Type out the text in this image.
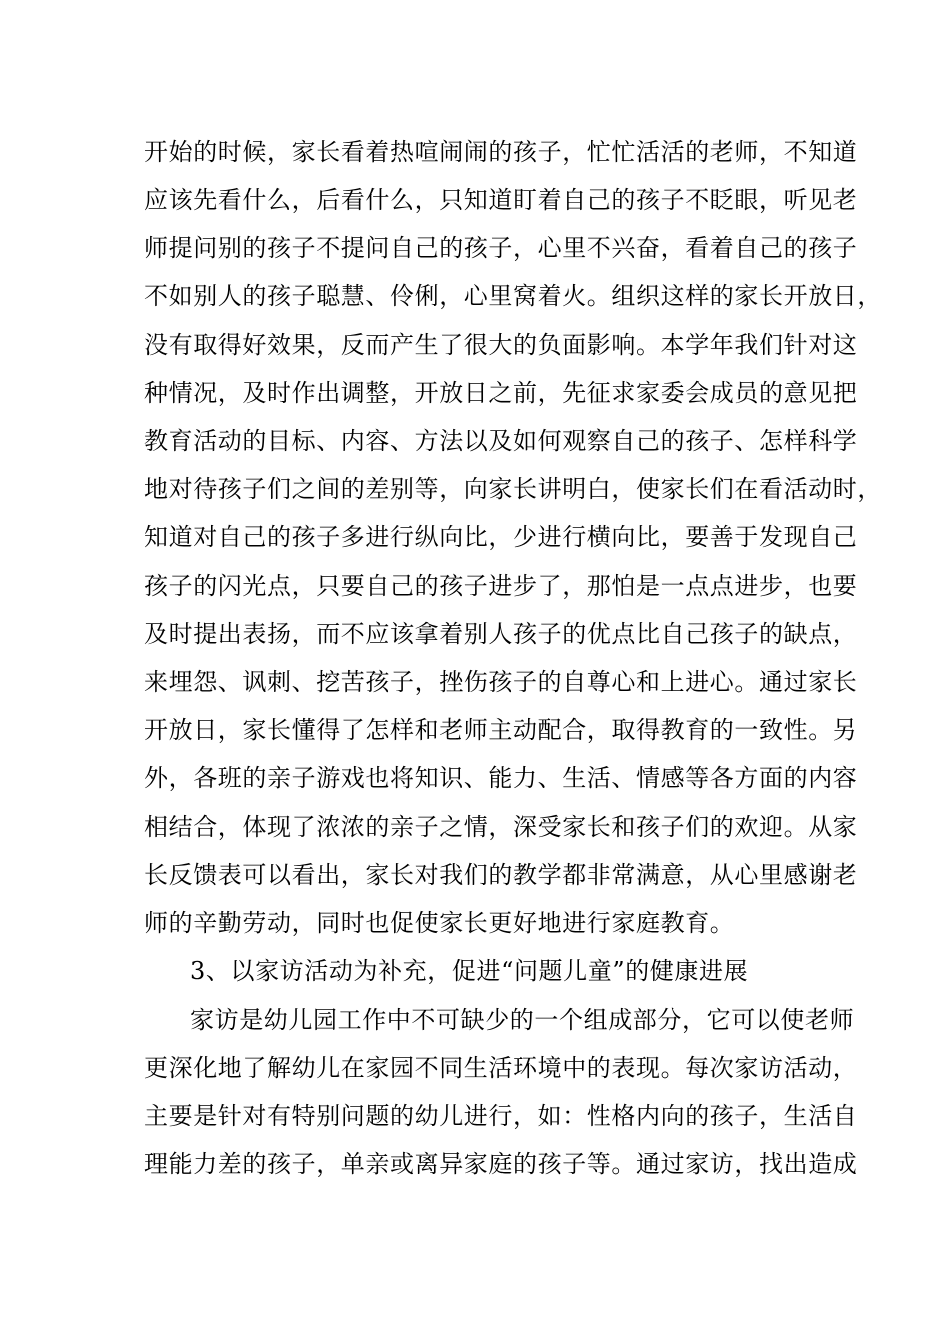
开始的时候，家长看着热喧闹闹的孩子，忙忙活活的老师，不知道
应该先看什么，后看什么，只知道盯着自己的孩子不眨眼，听见老
师提问别的孩子不提问自己的孩子，心里不兴奋，看着自己的孩子
不如别人的孩子聪慧、伶俐，心里窝着火。组织这样的家长开放日，
没有取得好效果，反而产生了很大的负面影响。本学年我们针对这
种情况，及时作出调整，开放日之前，先征求家委会成员的意见把
教育活动的目标、内容、方法以及如何观察自己的孩子、怎样科学
地对待孩子们之间的差别等，向家长讲明白，使家长们在看活动时，
知道对自己的孩子多进行纵向比，少进行横向比，要善于发现自己
孩子的闪光点，只要自己的孩子进步了，那怕是一点点进步，也要
及时提出表扬，而不应该拿着别人孩子的优点比自己孩子的缺点，
来埋怨、讽刺、挖苦孩子，挫伤孩子的自尊心和上进心。通过家长
开放日，家长懂得了怎样和老师主动配合，取得教育的一致性。另
外，各班的亲子游戏也将知识、能力、生活、情感等各方面的内容
相结合，体现了浓浓的亲子之情，深受家长和孩子们的欢迎。从家
长反馈表可以看出，家长对我们的教学都非常满意，从心里感谢老
师的辛勤劳动，同时也促使家长更好地进行家庭教育。
3、以家访活动为补充，促进“问题儿童”的健康进展
家访是幼儿园工作中不可缺少的一个组成部分，它可以使老师
更深化地了解幼儿在家园不同生活环境中的表现。每次家访活动，
主要是针对有特别问题的幼儿进行，如：性格内向的孩子，生活自
理能力差的孩子，单亲或离异家庭的孩子等。通过家访，找出造成
